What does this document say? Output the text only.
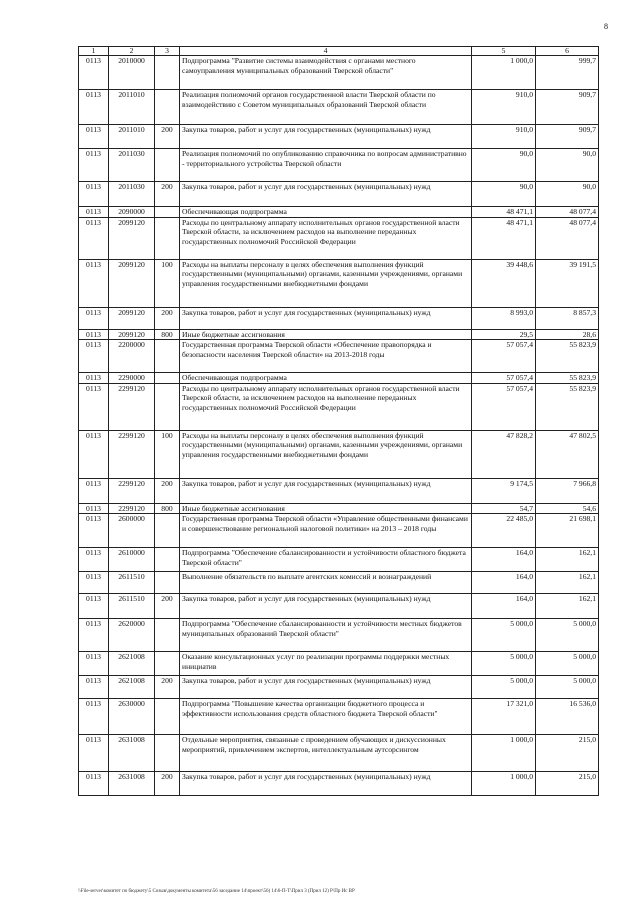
8
1	2	3	4	5	6
0113	2010000		Подпрограмма "Развитие системы взаимодействия с органами местного самоуправления муниципальных образований Тверской области"	1 000,0	999,7
0113	2011010		Реализация полномочий органов государственной власти Тверской области по взаимодействию с Советом муниципальных образований Тверской области	910,0	909,7
0113	2011010	200	Закупка товаров, работ и услуг для государственных (муниципальных) нужд	910,0	909,7
0113	2011030		Реализация полномочий по опубликованию справочника по вопросам административно - территориального устройства Тверской области	90,0	90,0
0113	2011030	200	Закупка товаров, работ и услуг для государственных (муниципальных) нужд	90,0	90,0
0113	2090000		Обеспечивающая подпрограмма	48 471,1	48 077,4
0113	2099120		Расходы по центральному аппарату исполнительных органов государственной власти Тверской области, за исключением расходов на выполнение переданных государственных полномочий Российской Федерации	48 471,1	48 077,4
0113	2099120	100	Расходы на выплаты персоналу в целях обеспечения выполнения функций государственными (муниципальными) органами, казенными учреждениями, органами управления государственными внебюджетными фондами	39 448,6	39 191,5
0113	2099120	200	Закупка товаров, работ и услуг для государственных (муниципальных) нужд	8 993,0	8 857,3
0113	2099120	800	Иные бюджетные ассигнования	29,5	28,6
0113	2200000		Государственная программа Тверской области «Обеспечение правопорядка и безопасности населения Тверской области» на 2013-2018 годы	57 057,4	55 823,9
0113	2290000		Обеспечивающая подпрограмма	57 057,4	55 823,9
0113	2299120		Расходы по центральному аппарату исполнительных органов государственной власти Тверской области, за исключением расходов на выполнение переданных государственных полномочий Российской Федерации	57 057,4	55 823,9
0113	2299120	100	Расходы на выплаты персоналу в целях обеспечения выполнения функций государственными (муниципальными) органами, казенными учреждениями, органами управления государственными внебюджетными фондами	47 828,2	47 802,5
0113	2299120	200	Закупка товаров, работ и услуг для государственных (муниципальных) нужд	9 174,5	7 966,8
0113	2299120	800	Иные бюджетные ассигнования	54,7	54,6
0113	2600000		Государственная программа Тверской области «Управление общественными финансами и совершенствование региональной налоговой политики» на 2013 – 2018 годы	22 485,0	21 698,1
0113	2610000		Подпрограмма "Обеспечение сбалансированности и устойчивости областного бюджета Тверской области"	164,0	162,1
0113	2611510		Выполнение обязательств по выплате агентских комиссий и вознаграждений	164,0	162,1
0113	2611510	200	Закупка товаров, работ и услуг для государственных (муниципальных) нужд	164,0	162,1
0113	2620000		Подпрограмма "Обеспечение сбалансированности и устойчивости местных бюджетов муниципальных образований Тверской области"	5 000,0	5 000,0
0113	2621008		Оказание консультационных услуг по реализации программы поддержки местных инициатив	5 000,0	5 000,0
0113	2621008	200	Закупка товаров, работ и услуг для государственных (муниципальных) нужд	5 000,0	5 000,0
0113	2630000		Подпрограмма "Повышение качества организации бюджетного процесса и эффективности использования средств областного бюджета Тверской области"	17 321,0	16 536,0
0113	2631008		Отдельные мероприятия, связанные с проведением обучающих и дискуссионных мероприятий, привлечением экспертов, интеллектуальным аутсорсингом	1 000,0	215,0
0113	2631008	200	Закупка товаров, работ и услуг для государственных (муниципальных) нужд	1 000,0	215,0
\\File-server\комитет по бюджету\5 Созыв\документы комитета\56 заседание 14\проект\56) 14\6-П-Т\Прил 3 (Прил 12) Р\Пр Ис ВР
